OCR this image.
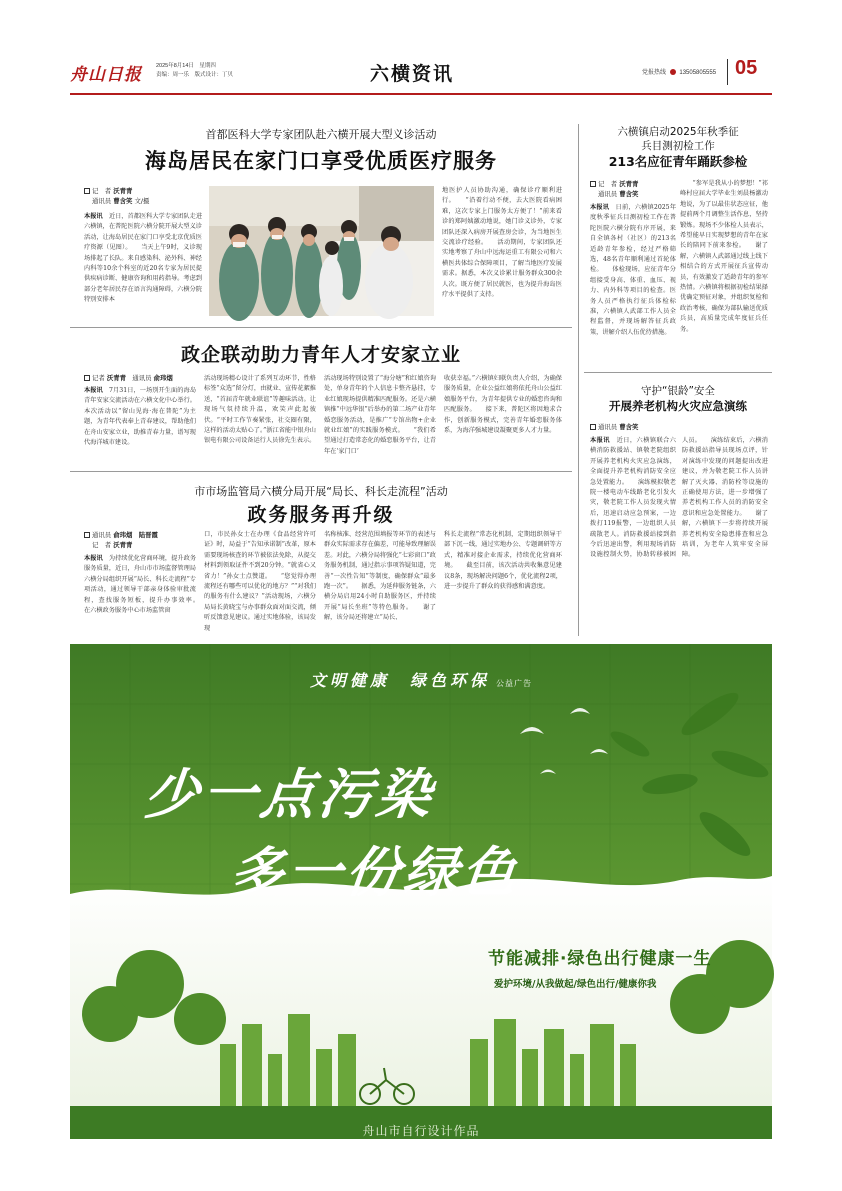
舟山日报	2025年8月14日　星期四
责编：周一乐　版式设计：丁贝	六横资讯	党报热线 13505805555 05
首都医科大学专家团队赴六横开展大型义诊活动
海岛居民在家门口享受优质医疗服务
记　者 沃青青
通讯员 曹含笑 文/摄
本报讯　近日，首都医科大学专家团队走进六横镇，在普陀医院六横分院开展大型义诊活动，让海岛居民在家门口享受北京优质医疗资源（见图）。　　当天上午9时，义诊现场排起了长队。来自感染科、泌外科、神经内科等10余个科室的近20名专家为居民提供疾病诊断、健康咨询和用药指导。考虑到部分老年居民存在语言沟通障碍，六横分院特别安排本
地医护人员协助沟通，确保诊疗顺利进行。　　“沿着行动不便，去大医院看病困难，这次专家上门服务太方便了！”前来看诊的郑阿姨激动地说，她门诊义诊外，专家团队还深入病房开展查房会诊，为当地医生交流诊疗经验。　　活动期间，专家团队还实地考察了舟山中远海运重工有限公司和六横医共体综合保障项目，了解当地医疗发展需求。据悉，本次义诊累计服务群众300余人次。既方便了居民就医，也为提升海岛医疗水平提供了支持。
政企联动助力青年人才安家立业
记者 沃青青　 通讯员 俞玮烟
本报讯　7月31日，一场别开生面的海岛青年安家交流活动在六横文化中心举行。本次活动以“留山见海·海在普陀”为主题，为青年代表奉上青春建议，帮助他们在舟山安家立业，助推青春力量，谱写现代海洋城市建设。
活动现场精心设计了系列互动环节，性格标签“众选”留分灯，由就业、宣传花絮推送，“首届青年就业联谊”等趣味活动。让现场气氛持续升温，欢笑声此起彼伏。“平时工作节奏紧张，社交圈有限，这样的活动太贴心了。”浙江省能中银舟山银电有限公司设备运行人员徐先生表示。
活动现场特别设置了“海分塘”和红娘咨询处，单身青年的个人信息卡整齐悬挂，专业红娘现场提供精准匹配服务。还是六横镇推“中远华银”后举办的第二场产业青年婚恋服务活动，是推广“专馆出物+企业就业红娘”的实践服务模式。　　“我们希望通过打造常态化的婚恋服务平台，让青年在‘家门口’
收获幸福。”六横镇妇联负责人介绍，为确保服务质量，企业公益红娘将依托舟山公益红娘服务平台，为青年提供专业的婚恋咨询和匹配服务。　　接下来，普陀区将因地求合作，创新服务模式，完善青年婚恋服务体系，为海洋强城建设凝聚更多人才力量。
市市场监管局六横分局开展“局长、科长走流程”活动
政务服务再升级
通讯员 俞玮烟　陆晋霞
记　者 沃青青
本报讯　为持续优化营商环境，提升政务服务质量，近日，舟山市市场监督管理局六横分局组织开展“局长、科长走流程”专项活动，通过领导干部亲身体验审批流程，查找服务短板，提升办事效率。　　在六横政务服务中心市场监管窗
口，市民孙女士在办理《食品经营许可证》时，局益于“告知承诺制”改革，原本需要现场核查的环节被依法免除，从提交材料到领取证件不到20分钟。“就省心又省力！”孙女士点赞道。　　“您觉得办理流程还有哪些可以优化的地方？”“对我们的服务有什么建议？”活动现场，六横分局局长黄晓宝与办事群众面对面交流，倾听反馈意见建议。通过实地体验，该局发现
名称核准、经营范围填报等环节的表述与群众实际需求存在偏差，可能导致理解误差。对此，六横分局将强化“七彩窗口”政务服务机制，通过指示事项答疑知道，完善“一次性告知”等制度，确保群众“最多跑一次”。　　据悉，为延伸服务链条，六横分局启用24小时自助服务区，并持续开展“局长坐班”等特色服务。　　谢了解，该分局还将建立“局长、
科长走流程”常态化机制，定期组织领导干部下沉一线，通过实地办公、专题调研等方式，精准对接企业需求，持续优化营商环境。　　截至目前，该次活动共收集意见建议8条，现场解决问题6个，优化流程2项，进一步提升了群众的获得感和满意度。
六横镇启动2025年秋季征
兵目测初检工作
213名应征青年踊跃参检
记　者 沃青青
通讯员 曹含笑
本报讯　日前，六横镇2025年度秋季征兵目测初检工作在普陀医院六横分院有序开展，来自全镇各村（社区）的213名适龄青年参检，经过严格筛选，48名青年顺利通过首轮体检。　　体检现场，应征青年分组接受身高、体重、血压、视力、内外科等项目的检查。医务人员严格执行征兵体检标准，六横镇人武部工作人员全程监督，并现场解答征兵政策，讲解介绍人伍优待措施。
　　“参军是我从小的梦想！”祁峰村应届大学毕业生刘晨杨激动地说，为了以最佳状态应征，他提前两个月调整生活作息，坚持锻炼。现场不少体检人员表示，希望能早日实现梦想的青年在家长的陪同下前来参检。　　谢了解，六横镇人武部通过线上线下相结合的方式开展征兵宣传动员，有效激发了适龄青年的参军热情。六横镇将根据初检结果择优确定预征对象，并组织复检和政治考核，确保为部队输送优质兵员，高质量完成年度征兵任务。
守护“银龄”安全
开展养老机构火灾应急演练
通讯员 曹含笑
本报讯　近日，六横镇联合六横消防救援站、镇敬老院组织开展养老机构火灾应急演练，全面提升养老机构消防安全应急处置能力。　　演练模拟敬老院一楼电动车线路老化引发火灾，敬老院工作人员发现火情后，迅速启动应急预案，一边拨打119报警，一边组织人员疏散老人。消防救援站接到指令后迅速出警，利用现场消防设施控制火势，协助转移被困人员。　　演练结束后，六横消防救援站指导员现场点评，针对演练中发现的问题提出改进建议，并为敬老院工作人员讲解了灭火器、消防栓等设施的正确使用方法，进一步增强了养老机构工作人员的消防安全意识和应急处置能力。　　谢了解，六横镇下一步将持续开展养老机构安全隐患排查和应急培训，为老年人筑牢安全屏障。
文明健康　绿色环保 公益广告
少一点污染
多一份绿色
节能减排·绿色出行健康一生
爱护环境/从我做起/绿色出行/健康你我
舟山市自行设计作品
